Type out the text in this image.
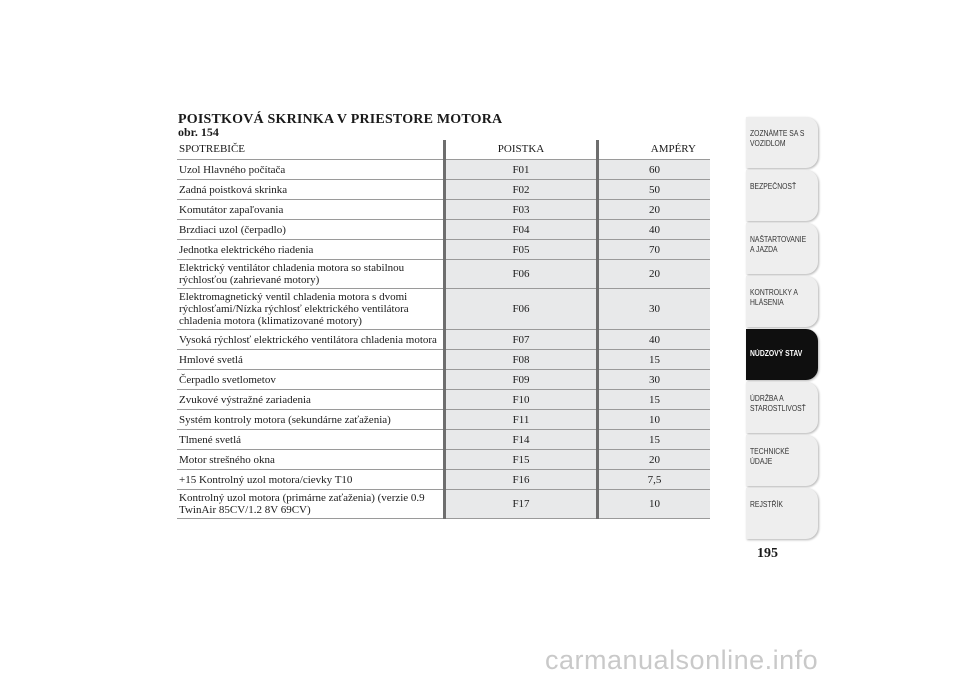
POISTKOVÁ SKRINKA V PRIESTORE MOTORA
obr. 154
SPOTREBIČE	POISTKA	AMPÉRY
Uzol Hlavného počítača	F01	60
Zadná poistková skrinka	F02	50
Komutátor zapaľovania	F03	20
Brzdiaci uzol (čerpadlo)	F04	40
Jednotka elektrického riadenia	F05	70
Elektrický ventilátor chladenia motora so stabilnou rýchlosťou (zahrievané motory)	F06	20
Elektromagnetický ventil chladenia motora s dvomi rýchlosťami/Nízka rýchlosť elektrického ventilátora chladenia motora (klimatizované motory)	F06	30
Vysoká rýchlosť elektrického ventilátora chladenia motora	F07	40
Hmlové svetlá	F08	15
Čerpadlo svetlometov	F09	30
Zvukové výstražné zariadenia	F10	15
Systém kontroly motora (sekundárne zaťaženia)	F11	10
Tlmené svetlá	F14	15
Motor strešného okna	F15	20
+15 Kontrolný uzol motora/cievky T10	F16	7,5
Kontrolný uzol motora (primárne zaťaženia) (verzie 0.9 TwinAir 85CV/1.2 8V 69CV)	F17	10
ZOZNÁMTE SA S
VOZIDLOM
BEZPEČNOSŤ
NAŠTARTOVANIE
A JAZDA
KONTROLKY A
HLÁSENIA
NÚDZOVÝ STAV
ÚDRŽBA A
STAROSTLIVOSŤ
TECHNICKÉ
ÚDAJE
REJSTŘÍK
195
carmanualsonline.info
